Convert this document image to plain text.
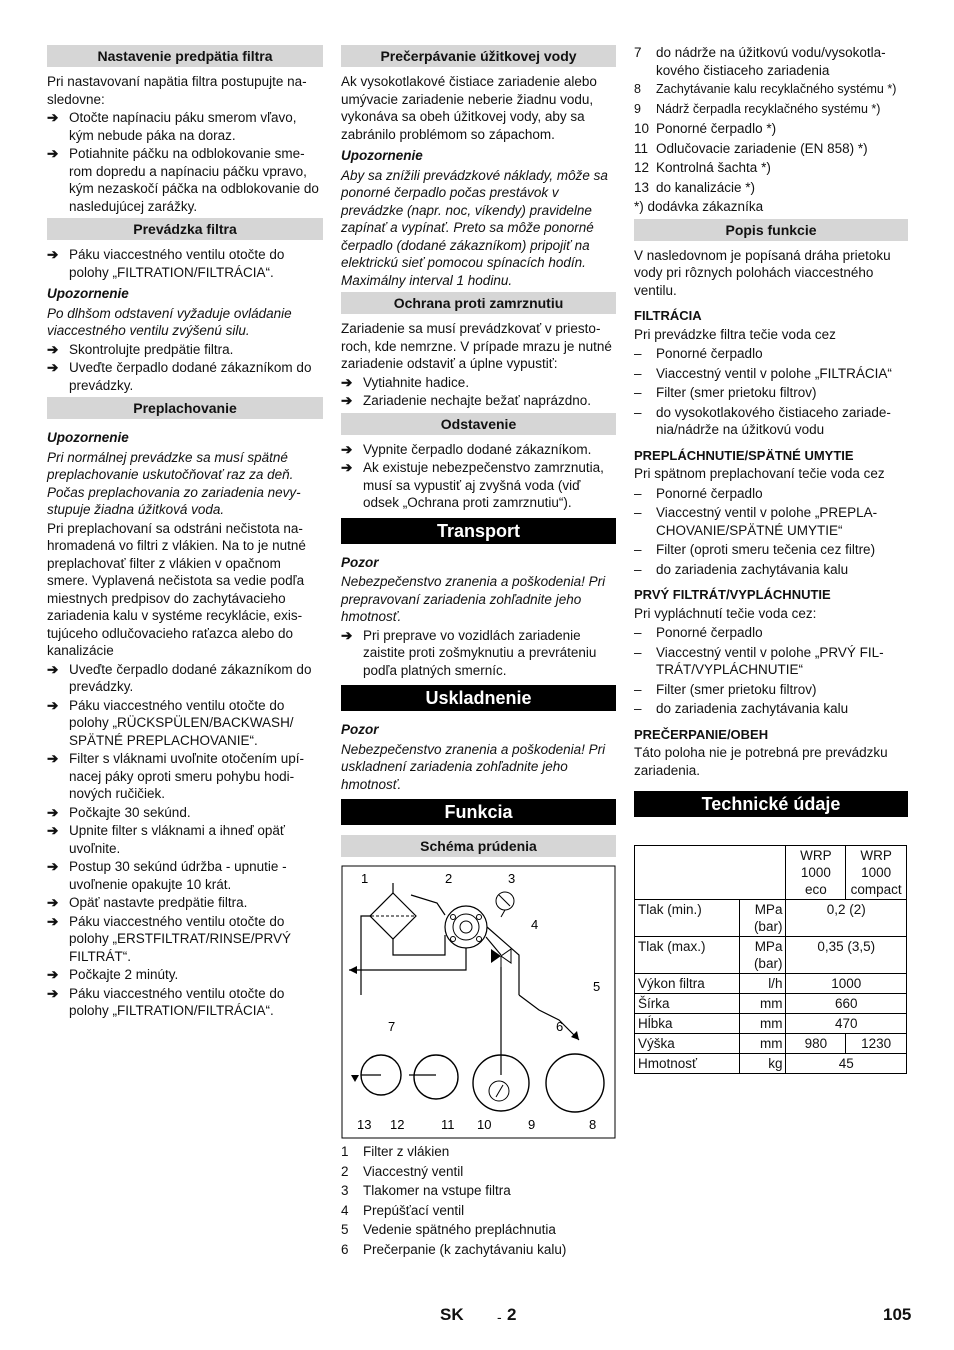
Nastavenie predpätia filtra

Pri nastavovaní napätia filtra postupujte nasledovne:

➔ Otočte napínaciu páku smerom vľavo, kým nebude páka na doraz.
➔ Potiahnite páčku na odblokovanie smerom dopredu a napínaciu páčku vpravo, kým nezaskočí páčka na odblokovanie do nasledujúcej zarážky.
Prevádzka filtra
➔ Páku viaccestného ventilu otočte do polohy „FILTRATION/FILTRÁCIA“.
Upozornenie

Po dlhšom odstavení vyžaduje ovládanie viaccestného ventilu zvýšenú silu.

➔ Skontrolujte predpätie filtra.
➔ Uveďte čerpadlo dodané zákazníkom do prevádzky.
Preplachovanie
Upozornenie

Pri normálnej prevádzke sa musí spätné preplachovanie uskutočňovať raz za deň. Počas preplachovania zo zariadenia nevystupuje žiadna úžitková voda.

Pri preplachovaní sa odstráni nečistota nahromadená vo filtri z vlákien. Na to je nutné preplachovať filter z vlákien v opačnom smere. Vyplavená nečistota sa vedie podľa miestnych predpisov do zachytávacieho zariadenia kalu v systéme recyklácie, existujúceho odlučovacieho raťazca alebo do kanalizácie

➔ Uveďte čerpadlo dodané zákazníkom do prevádzky.
➔ Páku viaccestného ventilu otočte do polohy „RÜCKSPÜLEN/BACKWASH/ SPÄTNÉ PREPLACHOVANIE“.
➔ Filter s vláknami uvoľnite otočením upínacej páky oproti smeru pohybu hodinových ručičiek.
➔ Počkajte 30 sekúnd.
➔ Upnite filter s vláknami a ihneď opäť uvoľnite.
➔ Postup 30 sekúnd údržba - upnutie - uvoľnenie opakujte 10 krát.
➔ Opäť nastavte predpätie filtra.
➔ Páku viaccestného ventilu otočte do polohy „ERSTFILTRAT/RINSE/PRVÝ FILTRÁT“.
➔ Počkajte 2 minúty.
➔ Páku viaccestného ventilu otočte do polohy „FILTRATION/FILTRÁCIA“.
Prečerpávanie úžitkovej vody

Ak vysokotlakové čistiace zariadenie alebo umývacie zariadenie neberie žiadnu vodu, vykonáva sa obeh úžitkovej vody, aby sa zabránilo problémom so zápachom.

Upozornenie

Aby sa znížili prevádzkové náklady, môže sa ponorné čerpadlo počas prestávok v prevádzke (napr. noc, víkendy) pravidelne zapínať a vypínať. Preto sa môže ponorné čerpadlo (dodané zákazníkom) pripojiť na elektrickú sieť pomocou spínacích hodín. Maximálny interval 1 hodinu.

Ochrana proti zamrznutiu

Zariadenie sa musí prevádzkovať v priestoroch, kde nemrzne. V prípade mrazu je nutné zariadenie odstaviť a úplne vypustiť:

➔ Vytiahnite hadice.
➔ Zariadenie nechajte bežať naprázdno.
Odstavenie
➔ Vypnite čerpadlo dodané zákazníkom.
➔ Ak existuje nebezpečenstvo zamrznutia, musí sa vypustiť aj zvyšná voda (viď odsek „Ochrana proti zamrznutiu“).
Transport
Pozor

Nebezpečenstvo zranenia a poškodenia! Pri prepravovaní zariadenia zohľadnite jeho hmotnosť.

➔ Pri preprave vo vozidlách zariadenie zaistite proti zošmyknutiu a prevráteniu podľa platných smerníc.
Uskladnenie
Pozor

Nebezpečenstvo zranenia a poškodenia! Pri uskladnení zariadenia zohľadnite jeho hmotnosť.

Funkcia
Schéma prúdenia
1	2	3
4
5
6
7
8
9
10
11
12
13
1 Filter z vlákien
2 Viaccestný ventil
3 Tlakomer na vstupe filtra
4 Prepúšťací ventil
5 Vedenie spätného prepláchnutia
6 Prečerpanie (k zachytávaniu kalu)
7 do nádrže na úžitkovú vodu/vysokotlakového čistiaceho zariadenia
8 Zachytávanie kalu recyklačného systému *)
9 Nádrž čerpadla recyklačného systému *)
10 Ponorné čerpadlo *)
11 Odlučovacie zariadenie (EN 858) *)
12 Kontrolná šachta *)
13 do kanalizácie *)

*) dodávka zákazníka

Popis funkcie

V nasledovnom je popísaná dráha prietoku vody pri rôznych polohách viaccestného ventilu.

FILTRÁCIA

Pri prevádzke filtra tečie voda cez

– Ponorné čerpadlo
– Viaccestný ventil v polohe „FILTRÁCIA“
– Filter (smer prietoku filtrov)
– do vysokotlakového čistiaceho zariadenia/nádrže na úžitkovú vodu
PREPLÁCHNUTIE/SPÄTNÉ UMYTIE

Pri spätnom preplachovaní tečie voda cez

– Ponorné čerpadlo
– Viaccestný ventil v polohe „PREPLACHOVANIE/SPÄTNÉ UMYTIE“
– Filter (oproti smeru tečenia cez filtre)
– do zariadenia zachytávania kalu
PRVÝ FILTRÁT/VYPLÁCHNUTIE

Pri vypláchnutí tečie voda cez:

– Ponorné čerpadlo
– Viaccestný ventil v polohe „PRVÝ FILTRÁT/VYPLÁCHNUTIE“
– Filter (smer prietoku filtrov)
– do zariadenia zachytávania kalu
PREČERPANIE/OBEH

Táto poloha nie je potrebná pre prevádzku zariadenia.

Technické údaje
		WRP 1000 eco	WRP 1000 compact
Tlak (min.)	MPa (bar)	0,2 (2)	
Tlak (max.)	MPa (bar)	0,35 (3,5)	
Výkon filtra	l/h	1000	
Šírka	mm	660	
Hĺbka	mm	470	
Výška	mm	980	1230
Hmotnosť	kg	45	
SK - 2	105
